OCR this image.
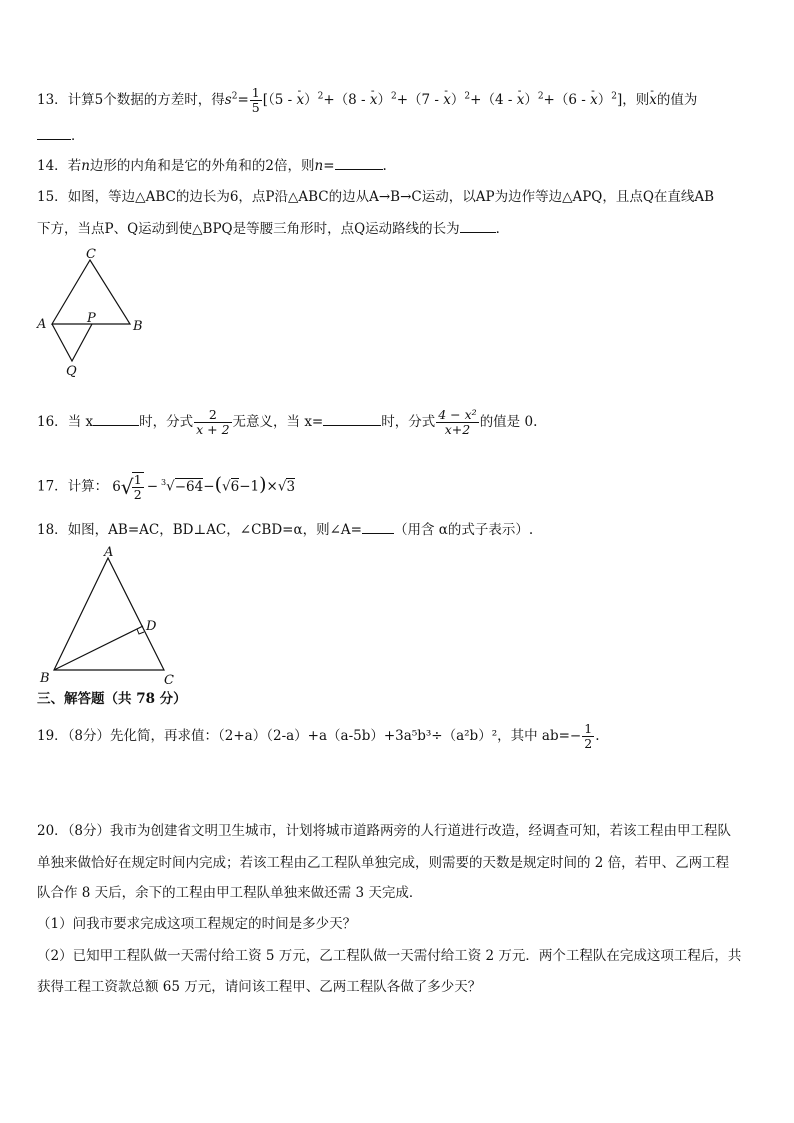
13．计算5个数据的方差时，得$s^2= \frac{1}{5} [(5$ - - x）$^2$+（8 - - x）$^2$+（7 - - x）$^2$+（4 - - x）$^2$+（6 - - x）$^2$]，则- x的值为
．
14．若n边形的内角和是它的外角和的2倍，则n=	.
15．如图，等边△ABC的边长为6，点P沿△ABC的边从A→B→C运动，以AP为边作等边△APQ，且点Q在直线AB
下方，当点P、Q运动到使△BPQ是等腰三角形时，点Q运动路线的长为	．
C
A	B
P
Q
16．当 x	时，分式 $\frac{2}{x + 2}$ 无意义，当 x=	时，分式 $\frac{\text{4 − x²}}{x+2}$ 的值是 0.
17．计算： 6 √
$\frac{1}{2} - ^3√-64-(√6-1)\times√3$
18．如图，AB=AC，BD⊥AC，∠CBD=α，则∠A= （用含 α的式子表示）.
A
B	C
D
三、解答题（共 78 分）
19．（8分）先化简，再求值：（2+a）（2-a）+a（a-5b）+3a⁵b³÷（a²b）²，其中 $ab=- \frac{1}{2}$ .
20．（8分）我市为创建省文明卫生城市，计划将城市道路两旁的人行道进行改造，经调查可知，若该工程由甲工程队
单独来做恰好在规定时间内完成；若该工程由乙工程队单独完成，则需要的天数是规定时间的 2 倍，若甲、乙两工程
队合作 8 天后，余下的工程由甲工程队单独来做还需 3 天完成．
（1）问我市要求完成这项工程规定的时间是多少天？
（2）已知甲工程队做一天需付给工资 5 万元，乙工程队做一天需付给工资 2 万元．两个工程队在完成这项工程后，共
获得工程工资款总额 65 万元，请问该工程甲、乙两工程队各做了多少天？
